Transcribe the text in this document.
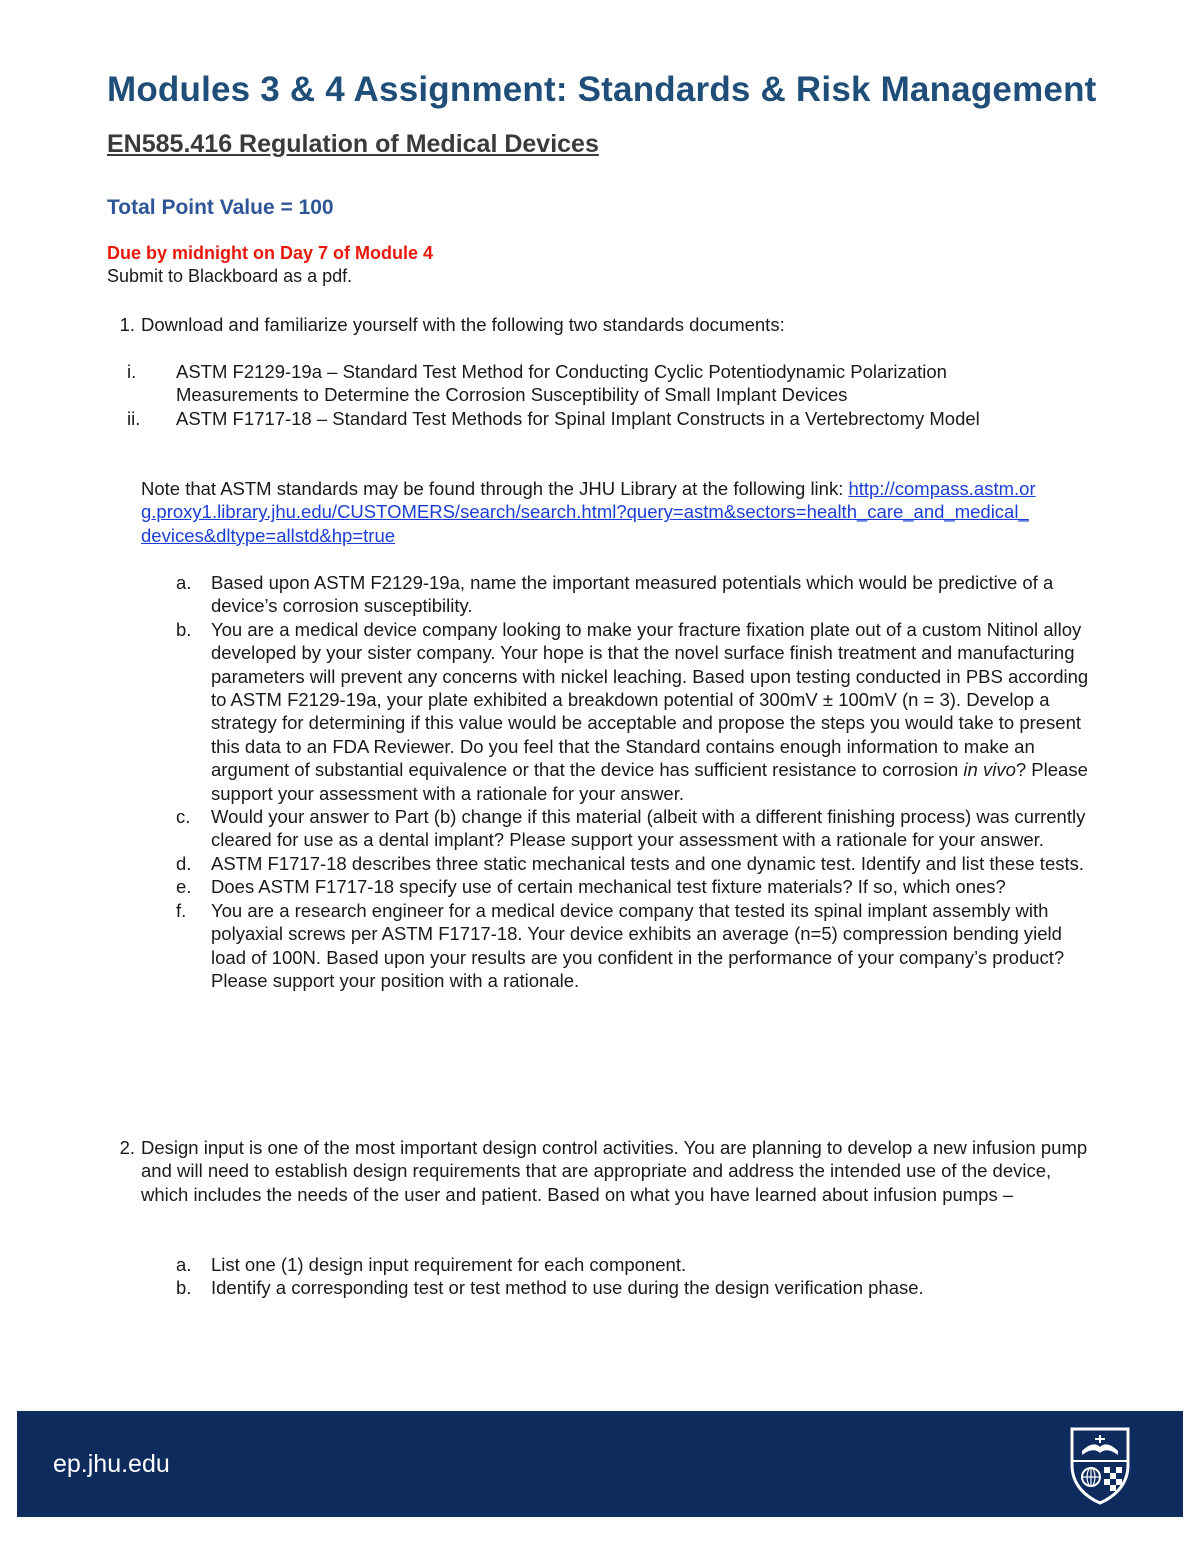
Modules 3 & 4 Assignment: Standards & Risk Management
EN585.416 Regulation of Medical Devices

Total Point Value = 100

Due by midnight on Day 7 of Module 4

Submit to Blackboard as a pdf.

1. Download and familiarize yourself with the following two standards documents:

i. ASTM F2129-19a – Standard Test Method for Conducting Cyclic Potentiodynamic Polarization Measurements to Determine the Corrosion Susceptibility of Small Implant Devices

ii. ASTM F1717-18 – Standard Test Methods for Spinal Implant Constructs in a Vertebrectomy Model

Note that ASTM standards may be found through the JHU Library at the following link: http://compass.astm.org.proxy1.library.jhu.edu/CUSTOMERS/search/search.html?query=astm&sectors=health_care_and_medical_devices&dltype=allstd&hp=true

a. Based upon ASTM F2129-19a, name the important measured potentials which would be predictive of a device’s corrosion susceptibility.

b. You are a medical device company looking to make your fracture fixation plate out of a custom Nitinol alloy developed by your sister company. Your hope is that the novel surface finish treatment and manufacturing parameters will prevent any concerns with nickel leaching. Based upon testing conducted in PBS according to ASTM F2129-19a, your plate exhibited a breakdown potential of 300mV ± 100mV (n = 3). Develop a strategy for determining if this value would be acceptable and propose the steps you would take to present this data to an FDA Reviewer. Do you feel that the Standard contains enough information to make an argument of substantial equivalence or that the device has sufficient resistance to corrosion in vivo? Please support your assessment with a rationale for your answer.

c. Would your answer to Part (b) change if this material (albeit with a different finishing process) was currently cleared for use as a dental implant? Please support your assessment with a rationale for your answer.

d. ASTM F1717-18 describes three static mechanical tests and one dynamic test. Identify and list these tests.

e. Does ASTM F1717-18 specify use of certain mechanical test fixture materials? If so, which ones?

f. You are a research engineer for a medical device company that tested its spinal implant assembly with polyaxial screws per ASTM F1717-18. Your device exhibits an average (n=5) compression bending yield load of 100N. Based upon your results are you confident in the performance of your company’s product? Please support your position with a rationale.

2. Design input is one of the most important design control activities. You are planning to develop a new infusion pump and will need to establish design requirements that are appropriate and address the intended use of the device, which includes the needs of the user and patient. Based on what you have learned about infusion pumps –

a. List one (1) design input requirement for each component.

b. Identify a corresponding test or test method to use during the design verification phase.

ep.jhu.edu
